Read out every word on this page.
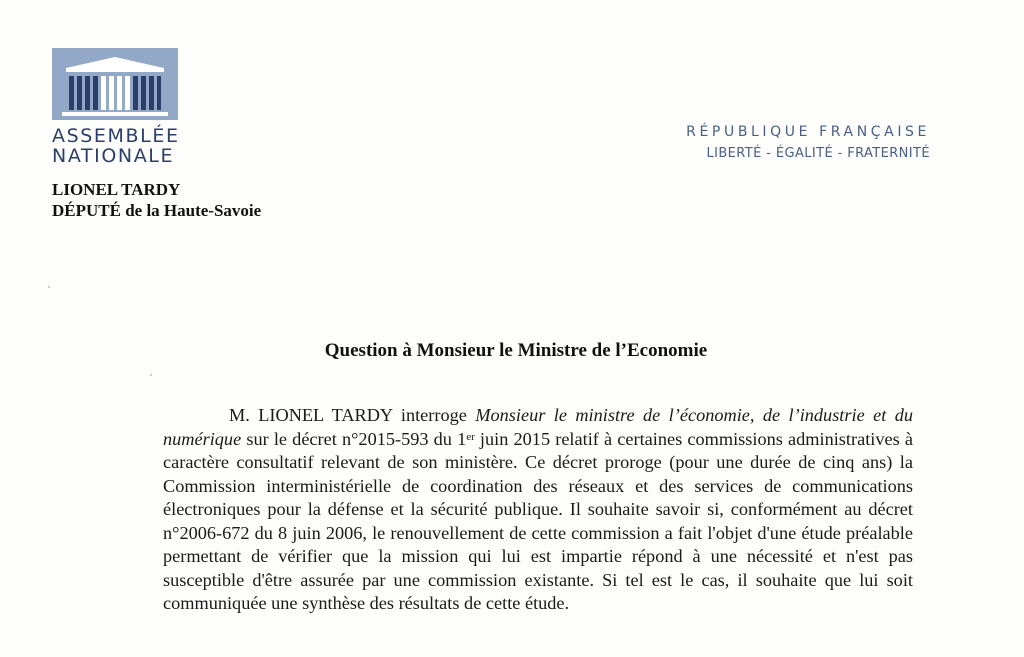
ASSEMBLÉE
NATIONALE
RÉPUBLIQUE FRANÇAISE
LIBERTÉ - ÉGALITÉ - FRATERNITÉ
LIONEL TARDY
DÉPUTÉ de la Haute-Savoie
Question à Monsieur le Ministre de l’Economie
M. LIONEL TARDY interroge Monsieur le ministre de l’économie, de l’industrie et du numérique sur le décret n°2015-593 du 1er juin 2015 relatif à certaines commissions administratives à caractère consultatif relevant de son ministère. Ce décret proroge (pour une durée de cinq ans) la Commission interministérielle de coordination des réseaux et des services de communications électroniques pour la défense et la sécurité publique. Il souhaite savoir si, conformément au décret n°2006-672 du 8 juin 2006, le renouvellement de cette commission a fait l'objet d'une étude préalable permettant de vérifier que la mission qui lui est impartie répond à une nécessité et n'est pas susceptible d'être assurée par une commission existante. Si tel est le cas, il souhaite que lui soit communiquée une synthèse des résultats de cette étude.
